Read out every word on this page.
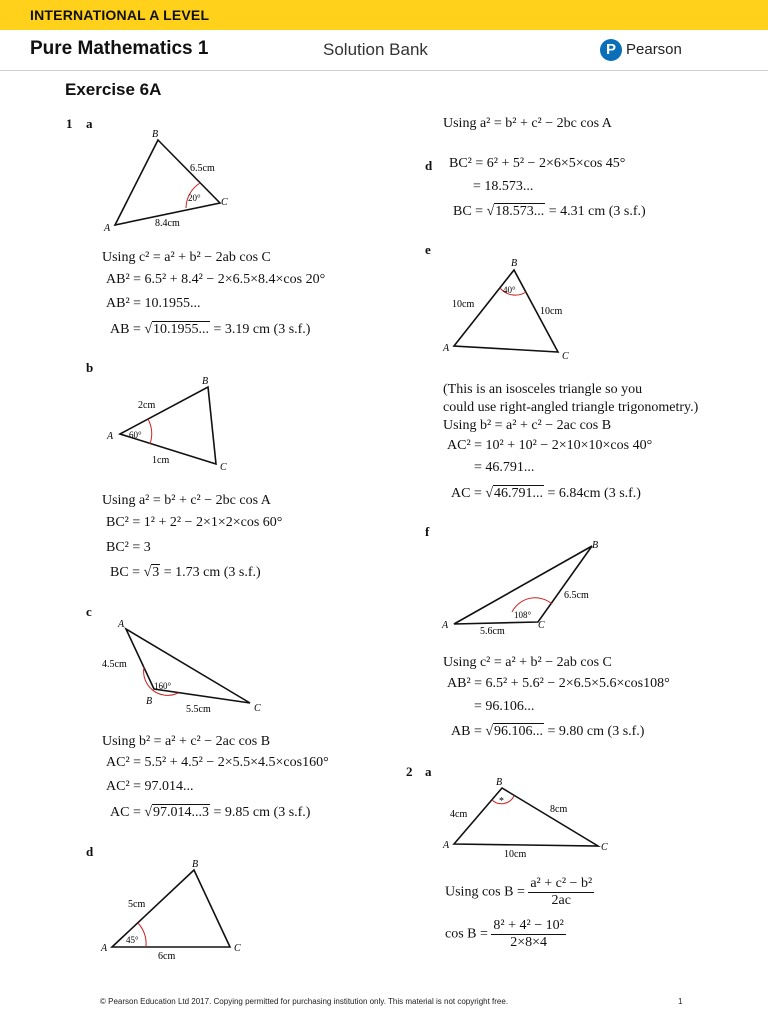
INTERNATIONAL A LEVEL
Pure Mathematics 1	Solution Bank	P Pearson
Exercise 6A
1 a
B
A
C
6.5cm
8.4cm
20°
Using c² = a² + b² − 2ab cos C
AB² = 6.5² + 8.4² − 2×6.5×8.4×cos 20°
AB² = 10.1955...
AB = √10.1955... = 3.19 cm (3 s.f.)
b
B
A
C
2cm
1cm
60°
Using a² = b² + c² − 2bc cos A
BC² = 1² + 2² − 2×1×2×cos 60°
BC² = 3
BC = √3 = 1.73 cm (3 s.f.)
c
A
B
C
4.5cm
5.5cm
160°
Using b² = a² + c² − 2ac cos B
AC² = 5.5² + 4.5² − 2×5.5×4.5×cos160°
AC² = 97.014...
AC = √97.014...3 = 9.85 cm (3 s.f.)
d
B
A	C
5cm
6cm
45°
Using a² = b² + c² − 2bc cos A
d BC² = 6² + 5² − 2×6×5×cos 45°
= 18.573...
BC = √18.573... = 4.31 cm (3 s.f.)
e
B
A
C
10cm
10cm
40°
(This is an isosceles triangle so you
could use right-angled triangle trigonometry.)
Using b² = a² + c² − 2ac cos B
AC² = 10² + 10² − 2×10×10×cos 40°
= 46.791...
AC = √46.791... = 6.84cm (3 s.f.)
f
B
A	C
6.5cm
5.6cm
108°
Using c² = a² + b² − 2ab cos C
AB² = 6.5² + 5.6² − 2×6.5×5.6×cos108°
= 96.106...
AB = √96.106... = 9.80 cm (3 s.f.)
2 a
B
A	C
4cm	8cm
10cm
*
Using $\cos B = \frac{\text{a² + c² − b²}}{2ac}$
$\cos B = \frac{\text{8² + 4² − 10²}}{2\times 8\times 4}$
© Pearson Education Ltd 2017. Copying permitted for purchasing institution only. This material is not copyright free.	1
